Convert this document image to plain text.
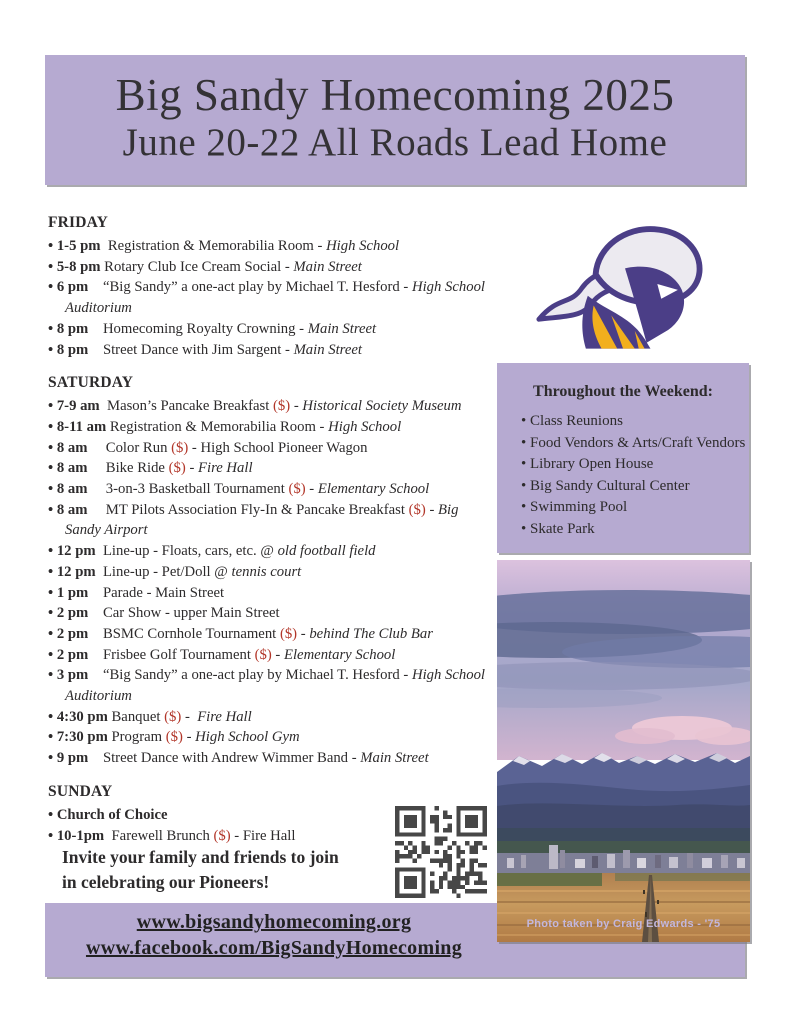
Big Sandy Homecoming 2025
June 20-22 All Roads Lead Home
FRIDAY
• 1-5 pm  Registration & Memorabilia Room - High School
• 5-8 pm Rotary Club Ice Cream Social - Main Street
• 6 pm    “Big Sandy” a one-act play by Michael T. Hesford - High School Auditorium
• 8 pm    Homecoming Royalty Crowning - Main Street
• 8 pm    Street Dance with Jim Sargent - Main Street
SATURDAY
• 7-9 am  Mason’s Pancake Breakfast ($) - Historical Society Museum
• 8-11 am Registration & Memorabilia Room - High School
• 8 am     Color Run ($) - High School Pioneer Wagon
• 8 am     Bike Ride ($) - Fire Hall
• 8 am     3-on-3 Basketball Tournament ($) - Elementary School
• 8 am     MT Pilots Association Fly-In & Pancake Breakfast ($) - Big Sandy Airport
• 12 pm  Line-up - Floats, cars, etc. @ old football field
• 12 pm  Line-up - Pet/Doll @ tennis court
• 1 pm    Parade - Main Street
• 2 pm    Car Show - upper Main Street
• 2 pm    BSMC Cornhole Tournament ($) - behind The Club Bar
• 2 pm    Frisbee Golf Tournament ($) - Elementary School
• 3 pm    “Big Sandy” a one-act play by Michael T. Hesford - High School Auditorium
• 4:30 pm Banquet ($) -  Fire Hall
• 7:30 pm Program ($) - High School Gym
• 9 pm    Street Dance with Andrew Wimmer Band - Main Street
SUNDAY
• Church of Choice
• 10-1pm  Farewell Brunch ($) - Fire Hall
Throughout the Weekend:
• Class Reunions
• Food Vendors & Arts/Craft Vendors
• Library Open House
• Big Sandy Cultural Center
• Swimming Pool
• Skate Park
Photo taken by Craig Edwards - '75
Invite your family and friends to join
in celebrating our Pioneers!
www.bigsandyhomecoming.org
www.facebook.com/BigSandyHomecoming
